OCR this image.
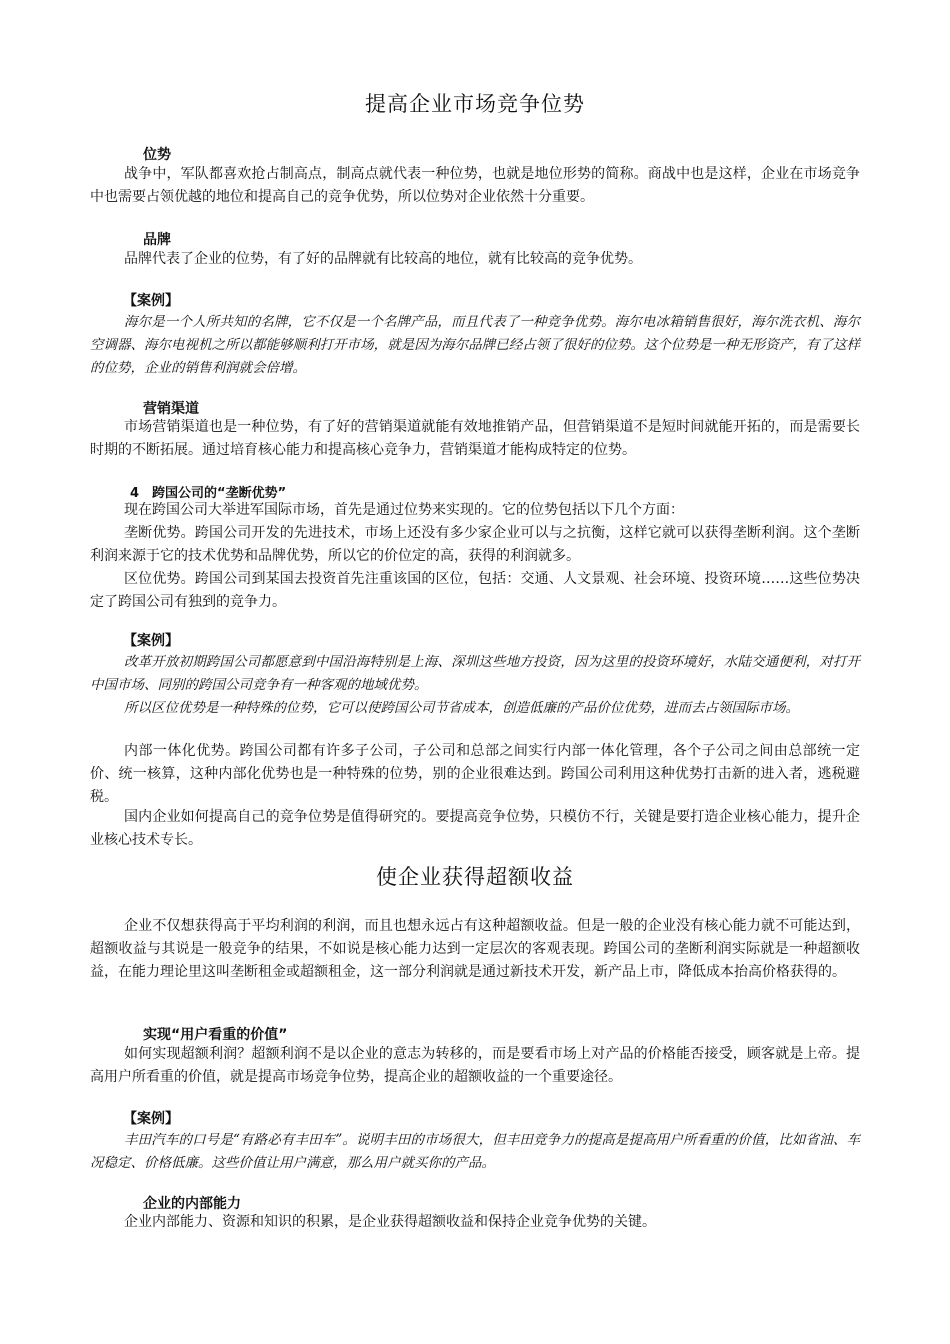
提高企业市场竞争位势
位势

战争中，军队都喜欢抢占制高点，制高点就代表一种位势，也就是地位形势的简称。商战中也是这样，企业在市场竞争中也需要占领优越的地位和提高自己的竞争优势，所以位势对企业依然十分重要。

品牌

品牌代表了企业的位势，有了好的品牌就有比较高的地位，就有比较高的竞争优势。

【案例】

海尔是一个人所共知的名牌，它不仅是一个名牌产品，而且代表了一种竞争优势。海尔电冰箱销售很好，海尔洗衣机、海尔空调器、海尔电视机之所以都能够顺利打开市场，就是因为海尔品牌已经占领了很好的位势。这个位势是一种无形资产，有了这样的位势，企业的销售利润就会倍增。

营销渠道

市场营销渠道也是一种位势，有了好的营销渠道就能有效地推销产品，但营销渠道不是短时间就能开拓的，而是需要长时期的不断拓展。通过培育核心能力和提高核心竞争力，营销渠道才能构成特定的位势。

4　跨国公司的“垄断优势”

现在跨国公司大举进军国际市场，首先是通过位势来实现的。它的位势包括以下几个方面：

垄断优势。跨国公司开发的先进技术，市场上还没有多少家企业可以与之抗衡，这样它就可以获得垄断利润。这个垄断利润来源于它的技术优势和品牌优势，所以它的价位定的高，获得的利润就多。

区位优势。跨国公司到某国去投资首先注重该国的区位，包括：交通、人文景观、社会环境、投资环境……这些位势决定了跨国公司有独到的竞争力。

【案例】

改革开放初期跨国公司都愿意到中国沿海特别是上海、深圳这些地方投资，因为这里的投资环境好，水陆交通便利，对打开中国市场、同别的跨国公司竞争有一种客观的地域优势。

所以区位优势是一种特殊的位势，它可以使跨国公司节省成本，创造低廉的产品价位优势，进而去占领国际市场。

内部一体化优势。跨国公司都有许多子公司，子公司和总部之间实行内部一体化管理，各个子公司之间由总部统一定价、统一核算，这种内部化优势也是一种特殊的位势，别的企业很难达到。跨国公司利用这种优势打击新的进入者，逃税避税。

国内企业如何提高自己的竞争位势是值得研究的。要提高竞争位势，只模仿不行，关键是要打造企业核心能力，提升企业核心技术专长。

使企业获得超额收益

企业不仅想获得高于平均利润的利润，而且也想永远占有这种超额收益。但是一般的企业没有核心能力就不可能达到，超额收益与其说是一般竞争的结果，不如说是核心能力达到一定层次的客观表现。跨国公司的垄断利润实际就是一种超额收益，在能力理论里这叫垄断租金或超额租金，这一部分利润就是通过新技术开发，新产品上市，降低成本抬高价格获得的。

实现“用户看重的价值”

如何实现超额利润？超额利润不是以企业的意志为转移的，而是要看市场上对产品的价格能否接受，顾客就是上帝。提高用户所看重的价值，就是提高市场竞争位势，提高企业的超额收益的一个重要途径。

【案例】

丰田汽车的口号是“有路必有丰田车”。说明丰田的市场很大，但丰田竞争力的提高是提高用户所看重的价值，比如省油、车况稳定、价格低廉。这些价值让用户满意，那么用户就买你的产品。

企业的内部能力

企业内部能力、资源和知识的积累，是企业获得超额收益和保持企业竞争优势的关键。
